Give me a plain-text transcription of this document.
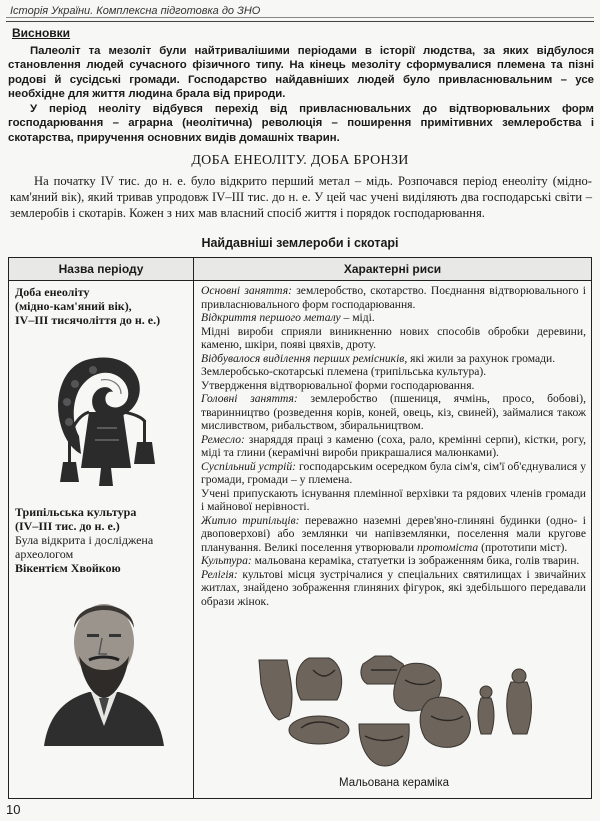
Історія України. Комплексна підготовка до ЗНО
Висновки

Палеоліт та мезоліт були найтривалішими періодами в історії людства, за яких відбулося становлення людей сучасного фізичного типу. На кінець мезоліту сформувалися племена та пізні родові й сусідські громади. Господарство найдавніших людей було привласнювальним – усе необхідне для життя людина брала від природи.

У період неоліту відбувся перехід від привласнювальних до відтворювальних форм господарювання – аграрна (неолітична) революція – поширення примітивних землеробства і скотарства, приручення основних видів домашніх тварин.

ДОБА ЕНЕОЛІТУ. ДОБА БРОНЗИ

На початку IV тис. до н. е. було відкрито перший метал – мідь. Розпочався період енеоліту (мідно-кам'яний вік), який тривав упродовж IV–III тис. до н. е. У цей час учені виділяють два господарські світи – землеробів і скотарів. Кожен з них мав власний спосіб життя і порядок господарювання.

Найдавніші землероби і скотарі
Назва періоду	Характерні риси
Доба енеоліту
(мідно-кам'яний вік),
IV–III тисячоліття до н. е.)
Трипільська культура
(IV–III тис. до н. е.)
Була відкрита і досліджена археологом
Вікентієм Хвойкою

Основні заняття: землеробство, скотарство. Поєднання відтворювального і привласнювального форм господарювання.

Відкриття першого металу – міді.

Мідні вироби сприяли виникненню нових способів обробки деревини, каменю, шкіри, появі цвяхів, дроту.

Відбувалося виділення перших ремісників, які жили за рахунок громади.

Землеробсько-скотарські племена (трипільська культура).

Утвердження відтворювальної форми господарювання.

Головні заняття: землеробство (пшениця, ячмінь, просо, бобові), тваринництво (розведення корів, коней, овець, кіз, свиней), займалися також мисливством, рибальством, збиральництвом.

Ремесло: знаряддя праці з каменю (соха, рало, кремінні серпи), кістки, рогу, міді та глини (керамічні вироби прикрашалися малюнками).

Суспільний устрій: господарським осередком була сім'я, сім'ї об'єднувалися у громади, громади – у племена.

Учені припускають існування племінної верхівки та рядових членів громади і майнової нерівності.

Житло трипільців: переважно наземні дерев'яно-глиняні будинки (одно- і двоповерхові) або землянки чи напівземлянки, поселення мали кругове планування. Великі поселення утворювали протоміста (прототипи міст).

Культура: мальована кераміка, статуетки із зображенням бика, голів тварин.

Релігія: культові місця зустрічалися у спеціальних святилищах і звичайних житлах, знайдено зображення глиняних фігурок, які здебільшого передавали образи жінок.

Мальована кераміка
10
